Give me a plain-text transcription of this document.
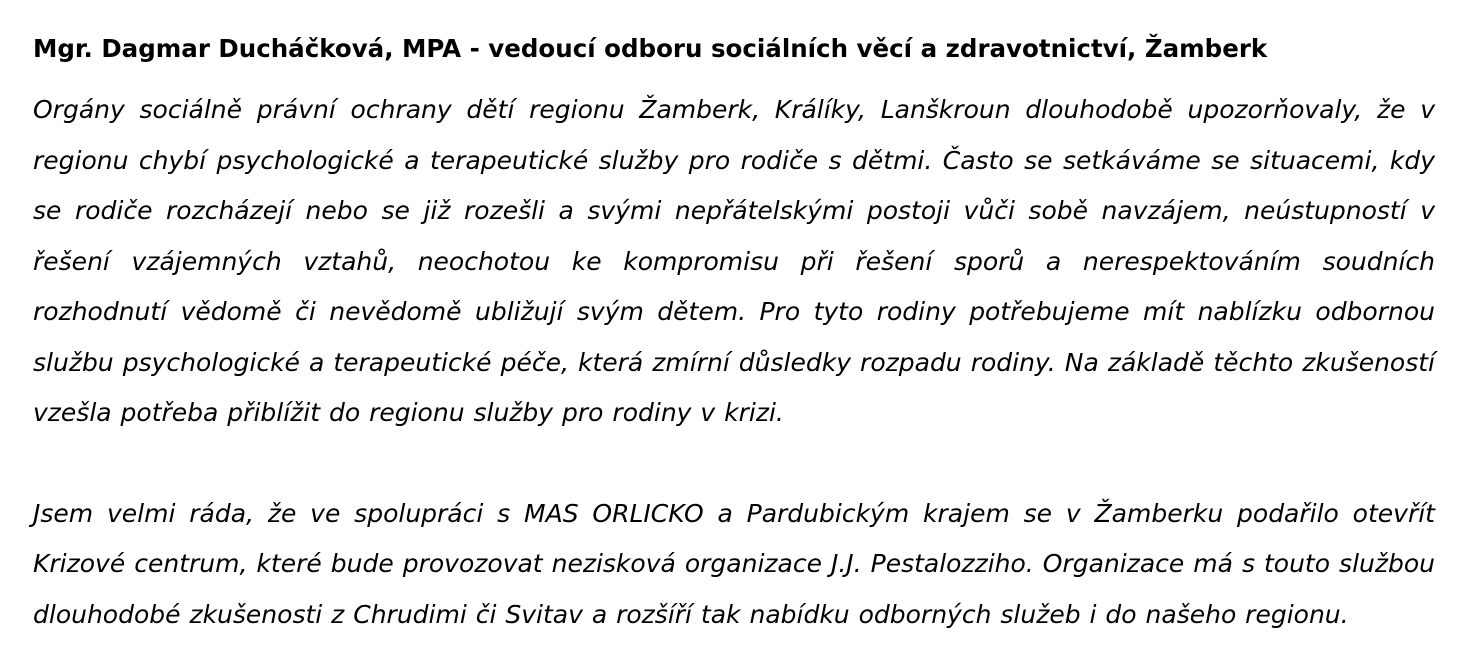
Mgr. Dagmar Ducháčková, MPA - vedoucí odboru sociálních věcí a zdravotnictví, Žamberk

Orgány sociálně právní ochrany dětí regionu Žamberk, Králíky, Lanškroun dlouhodobě upozorňovaly, že v regionu chybí psychologické a terapeutické služby pro rodiče s dětmi. Často se setkáváme se situacemi, kdy se rodiče rozcházejí nebo se již rozešli a svými nepřátelskými postoji vůči sobě navzájem, neústupností v řešení vzájemných vztahů, neochotou ke kompromisu při řešení sporů a nerespektováním soudních rozhodnutí vědomě či nevědomě ubližují svým dětem. Pro tyto rodiny potřebujeme mít nablízku odbornou službu psychologické a terapeutické péče, která zmírní důsledky rozpadu rodiny. Na základě těchto zkušeností vzešla potřeba přiblížit do regionu služby pro rodiny v krizi.

Jsem velmi ráda, že ve spolupráci s MAS ORLICKO a Pardubickým krajem se v Žamberku podařilo otevřít Krizové centrum, které bude provozovat nezisková organizace J.J. Pestalozziho. Organizace má s touto službou dlouhodobé zkušenosti z Chrudimi či Svitav a rozšíří tak nabídku odborných služeb i do našeho regionu.
